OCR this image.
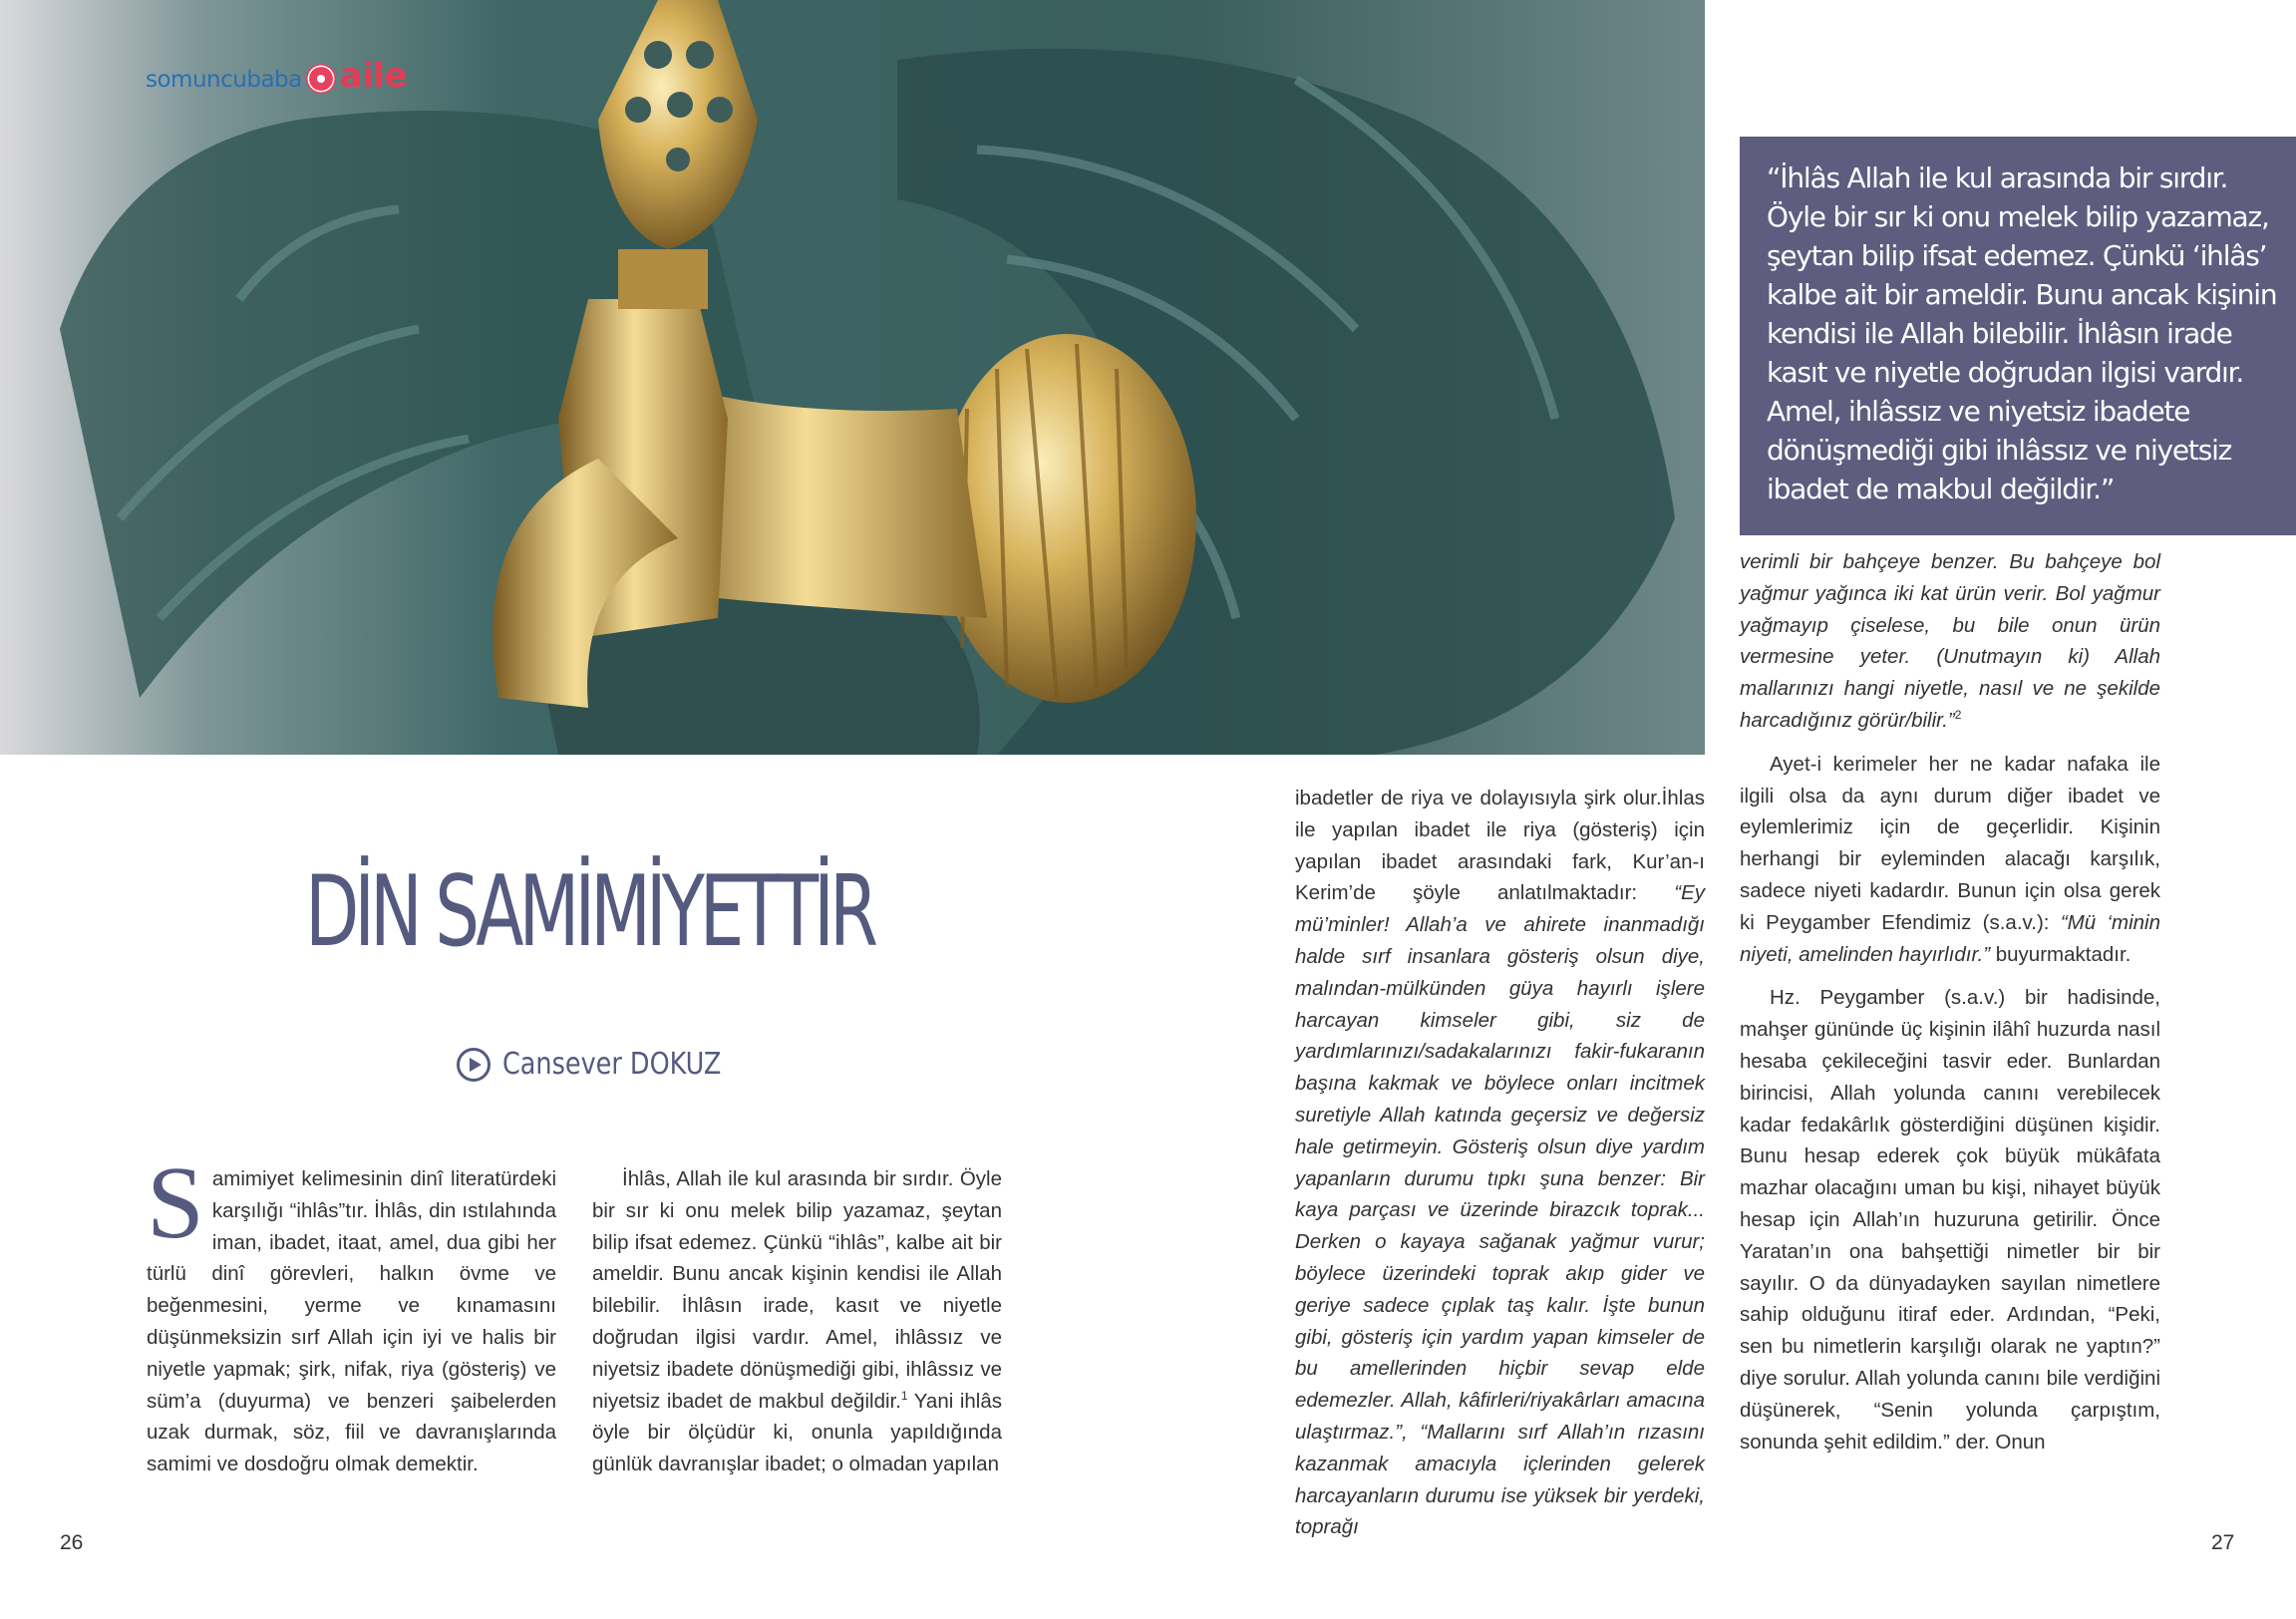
somuncubaba aile
DİN SAMİMİYETTİR
Cansever DOKUZ

“İhlâs Allah ile kul arasında bir sırdır. Öyle bir sır ki onu melek bilip yazamaz, şeytan bilip ifsat edemez. Çünkü ‘ihlâs’ kalbe ait bir ameldir. Bunu ancak kişinin kendisi ile Allah bilebilir. İhlâsın irade kasıt ve niyetle doğrudan ilgisi vardır. Amel, ihlâssız ve niyetsiz ibadete dönüşmediği gibi ihlâssız ve niyetsiz ibadet de makbul değildir.”

S amimiyet kelimesinin dinî literatürdeki karşılığı “ihlâs”tır. İhlâs, din ıstılahında iman, ibadet, itaat, amel, dua gibi her türlü dinî görevleri, halkın övme ve beğenmesini, yerme ve kınamasını düşünmeksizin sırf Allah için iyi ve halis bir niyetle yapmak; şirk, nifak, riya (gösteriş) ve süm’a (duyurma) ve benzeri şaibelerden uzak durmak, söz, fiil ve davranışlarında samimi ve dosdoğru olmak demektir.

İhlâs, Allah ile kul arasında bir sırdır. Öyle bir sır ki onu melek bilip yazamaz, şeytan bilip ifsat edemez. Çünkü “ihlâs”, kalbe ait bir ameldir. Bunu ancak kişinin kendisi ile Allah bilebilir. İhlâsın irade, kasıt ve niyetle doğrudan ilgisi vardır. Amel, ihlâssız ve niyetsiz ibadete dönüşmediği gibi, ihlâssız ve niyetsiz ibadet de makbul değildir.$^1$ Yani ihlâs öyle bir ölçüdür ki, onunla yapıldığında günlük davranışlar ibadet; o olmadan yapılan

ibadetler de riya ve dolayısıyla şirk olur.İhlas ile yapılan ibadet ile riya (gösteriş) için yapılan ibadet arasındaki fark, Kur’an-ı Kerim’de şöyle anlatılmaktadır: “Ey mü’minler! Allah’a ve ahirete inanmadığı halde sırf insanlara gösteriş olsun diye, malından-mülkünden güya hayırlı işlere harcayan kimseler gibi, siz de yardımlarınızı/sadakalarınızı fakir-fukaranın başına kakmak ve böylece onları incitmek suretiyle Allah katında geçersiz ve değersiz hale getirmeyin. Gösteriş olsun diye yardım yapanların durumu tıpkı şuna benzer: Bir kaya parçası ve üzerinde birazcık toprak... Derken o kayaya sağanak yağmur vurur; böylece üzerindeki toprak akıp gider ve geriye sadece çıplak taş kalır. İşte bunun gibi, gösteriş için yardım yapan kimseler de bu amellerinden hiçbir sevap elde edemezler. Allah, kâfirleri/riyakârları amacına ulaştırmaz.”, “Mallarını sırf Allah’ın rızasını kazanmak amacıyla içlerinden gelerek harcayanların durumu ise yüksek bir yerdeki, toprağı

verimli bir bahçeye benzer. Bu bahçeye bol yağmur yağınca iki kat ürün verir. Bol yağmur yağmayıp çiselese, bu bile onun ürün vermesine yeter. (Unutmayın ki) Allah mallarınızı hangi niyetle, nasıl ve ne şekilde harcadığınız görür/bilir.”$^2$

Ayet-i kerimeler her ne kadar nafaka ile ilgili olsa da aynı durum diğer ibadet ve eylemlerimiz için de geçerlidir. Kişinin herhangi bir eyleminden alacağı karşılık, sadece niyeti kadardır. Bunun için olsa gerek ki Peygamber Efendimiz (s.a.v.): “Mü ‘minin niyeti, amelinden hayırlıdır.” buyurmaktadır.

Hz. Peygamber (s.a.v.) bir hadisinde, mahşer gününde üç kişinin ilâhî huzurda nasıl hesaba çekileceğini tasvir eder. Bunlardan birincisi, Allah yolunda canını verebilecek kadar fedakârlık gösterdiğini düşünen kişidir. Bunu hesap ederek çok büyük mükâfata mazhar olacağını uman bu kişi, nihayet büyük hesap için Allah’ın huzuruna getirilir. Önce Yaratan’ın ona bahşettiği nimetler bir bir sayılır. O da dünyadayken sayılan nimetlere sahip olduğunu itiraf eder. Ardından, “Peki, sen bu nimetlerin karşılığı olarak ne yaptın?” diye sorulur. Allah yolunda canını bile verdiğini düşünerek, “Senin yolunda çarpıştım, sonunda şehit edildim.” der. Onun

26	27
